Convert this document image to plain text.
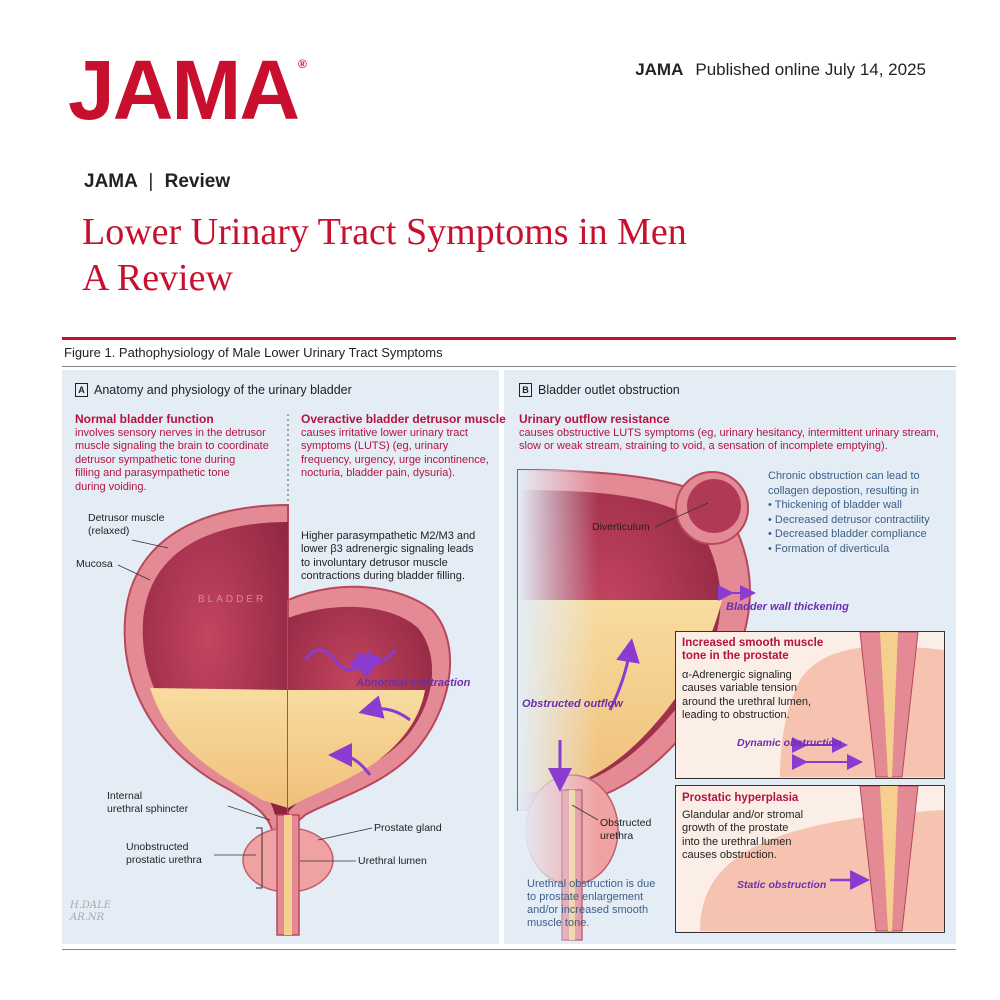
JAMA®	JAMA Published online July 14, 2025
JAMA | Review
Lower Urinary Tract Symptoms in Men
A Review
Figure 1. Pathophysiology of Male Lower Urinary Tract Symptoms
A Anatomy and physiology of the urinary bladder
Normal bladder function
involves sensory nerves in the detrusor
muscle signaling the brain to coordinate
detrusor sympathetic tone during
filling and parasympathetic tone
during voiding.
Overactive bladder detrusor muscle
causes irritative lower urinary tract
symptoms (LUTS) (eg, urinary
frequency, urgency, urge incontinence,
nocturia, bladder pain, dysuria).
Higher parasympathetic M2/M3 and
lower β3 adrenergic signaling leads
to involuntary detrusor muscle
contractions during bladder filling.
Detrusor muscle
(relaxed)
Mucosa
BLADDER
Abnormal contraction
Internal
urethral sphincter
Unobstructed
prostatic urethra
Prostate gland
Urethral lumen
H.DALE
AR.NR
B Bladder outlet obstruction
Urinary outflow resistance
causes obstructive LUTS symptoms (eg, urinary hesitancy, intermittent urinary stream,
slow or weak stream, straining to void, a sensation of incomplete emptying).
Chronic obstruction can lead to
collagen depostion, resulting in
• Thickening of bladder wall
• Decreased detrusor contractility
• Decreased bladder compliance
• Formation of diverticula
Diverticulum
Bladder wall thickening
Obstructed outflow
Obstructed
urethra
Urethral obstruction is due
to prostate enlargement
and/or increased smooth
muscle tone.
Increased smooth muscle
tone in the prostate
α-Adrenergic signaling
causes variable tension
around the urethral lumen,
leading to obstruction.
Dynamic obstruction
Prostatic hyperplasia
Glandular and/or stromal
growth of the prostate
into the urethral lumen
causes obstruction.
Static obstruction
ENLARGED PROSTATE
